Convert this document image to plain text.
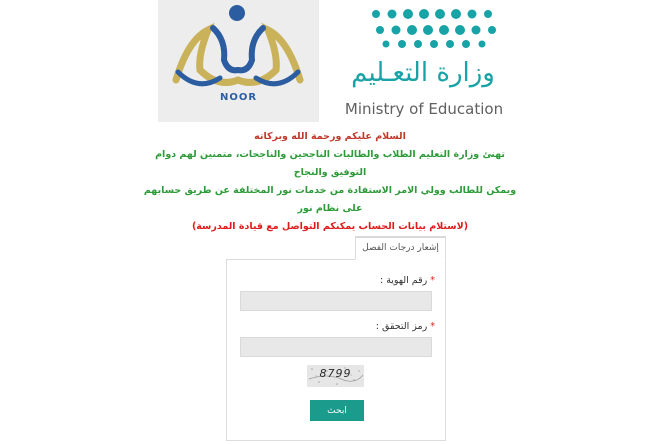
NOOR
وزارة التعـليم
Ministry of Education
السلام عليكم ورحمة الله وبركاته
تهنئ وزارة التعليم الطلاب والطالبات الناجحين والناجحات، متمنين لهم دوام التوفيق والنجاح
ويمكن للطالب وولي الامر الاستفادة من خدمات نور المختلفة عن طريق حسابهم على نظام نور
(لاستلام بيانات الحساب يمكنكم التواصل مع قيادة المدرسة)
إشعار درجات الفصل
* رقم الهوية :
* رمز التحقق :
8799
ابحث
